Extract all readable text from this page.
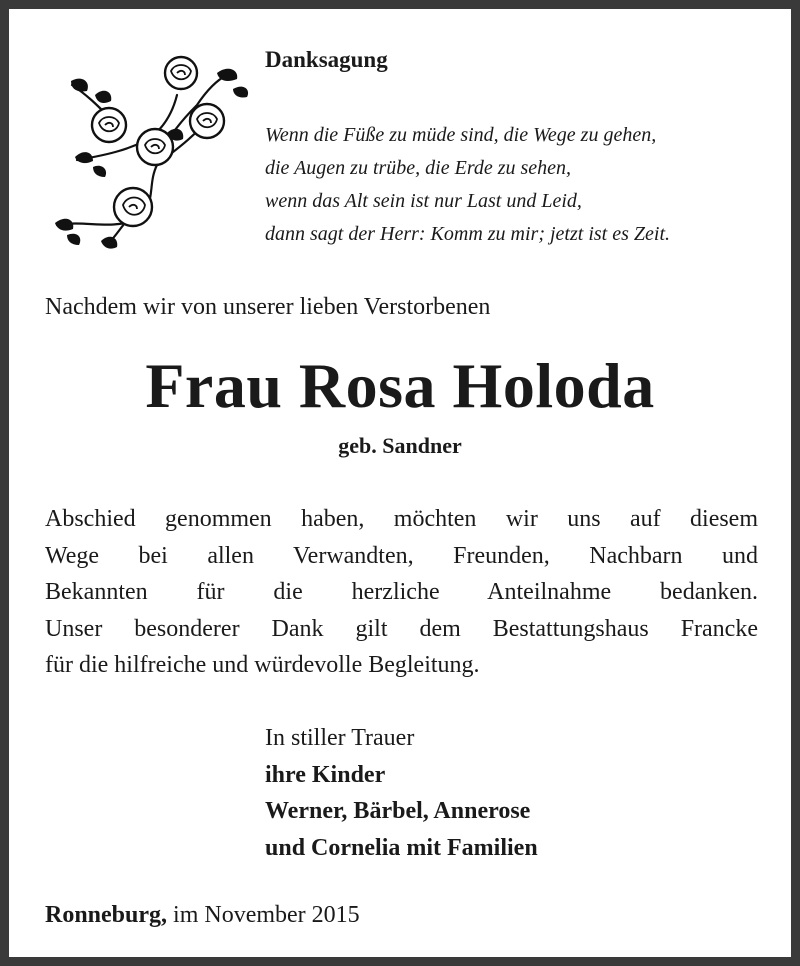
Danksagung

Wenn die Füße zu müde sind, die Wege zu gehen,
die Augen zu trübe, die Erde zu sehen,
wenn das Alt sein ist nur Last und Leid,
dann sagt der Herr: Komm zu mir; jetzt ist es Zeit.

Nachdem wir von unserer lieben Verstorbenen

Frau Rosa Holoda

geb. Sandner

Abschied genommen haben, möchten wir uns auf diesem
Wege bei allen Verwandten, Freunden, Nachbarn und
Bekannten für die herzliche Anteilnahme bedanken.
Unser besonderer Dank gilt dem Bestattungshaus Francke
für die hilfreiche und würdevolle Begleitung.
In stiller Trauer
ihre Kinder
Werner, Bärbel, Annerose
und Cornelia mit Familien

Ronneburg, im November 2015
